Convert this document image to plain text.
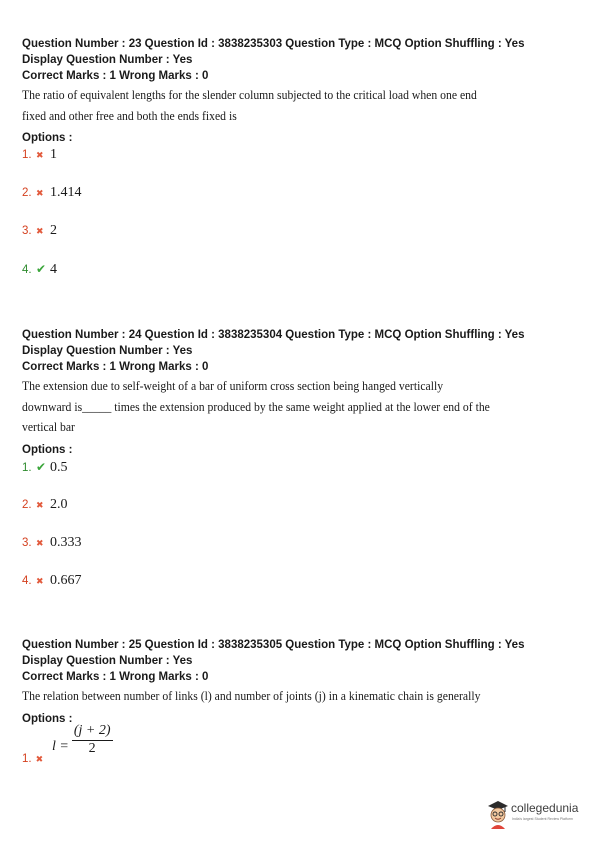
Question Number : 23 Question Id : 3838235303 Question Type : MCQ Option Shuffling : Yes
Display Question Number : Yes
Correct Marks : 1 Wrong Marks : 0
The ratio of equivalent lengths for the slender column subjected to the critical load when one end fixed and other free and both the ends fixed is
Options :
1. ✖ 1
2. ✖ 1.414
3. ✖ 2
4. ✔ 4
Question Number : 24 Question Id : 3838235304 Question Type : MCQ Option Shuffling : Yes
Display Question Number : Yes
Correct Marks : 1 Wrong Marks : 0
The extension due to self-weight of a bar of uniform cross section being hanged vertically downward is_____ times the extension produced by the same weight applied at the lower end of the vertical bar
Options :
1. ✔ 0.5
2. ✖ 2.0
3. ✖ 0.333
4. ✖ 0.667
Question Number : 25 Question Id : 3838235305 Question Type : MCQ Option Shuffling : Yes
Display Question Number : Yes
Correct Marks : 1 Wrong Marks : 0
The relation between number of links (l) and number of joints (j) in a kinematic chain is generally
Options :
1. ✖
$l = \frac{(j + 2)}{2}$
collegedunia
India's largest Student Review Platform
